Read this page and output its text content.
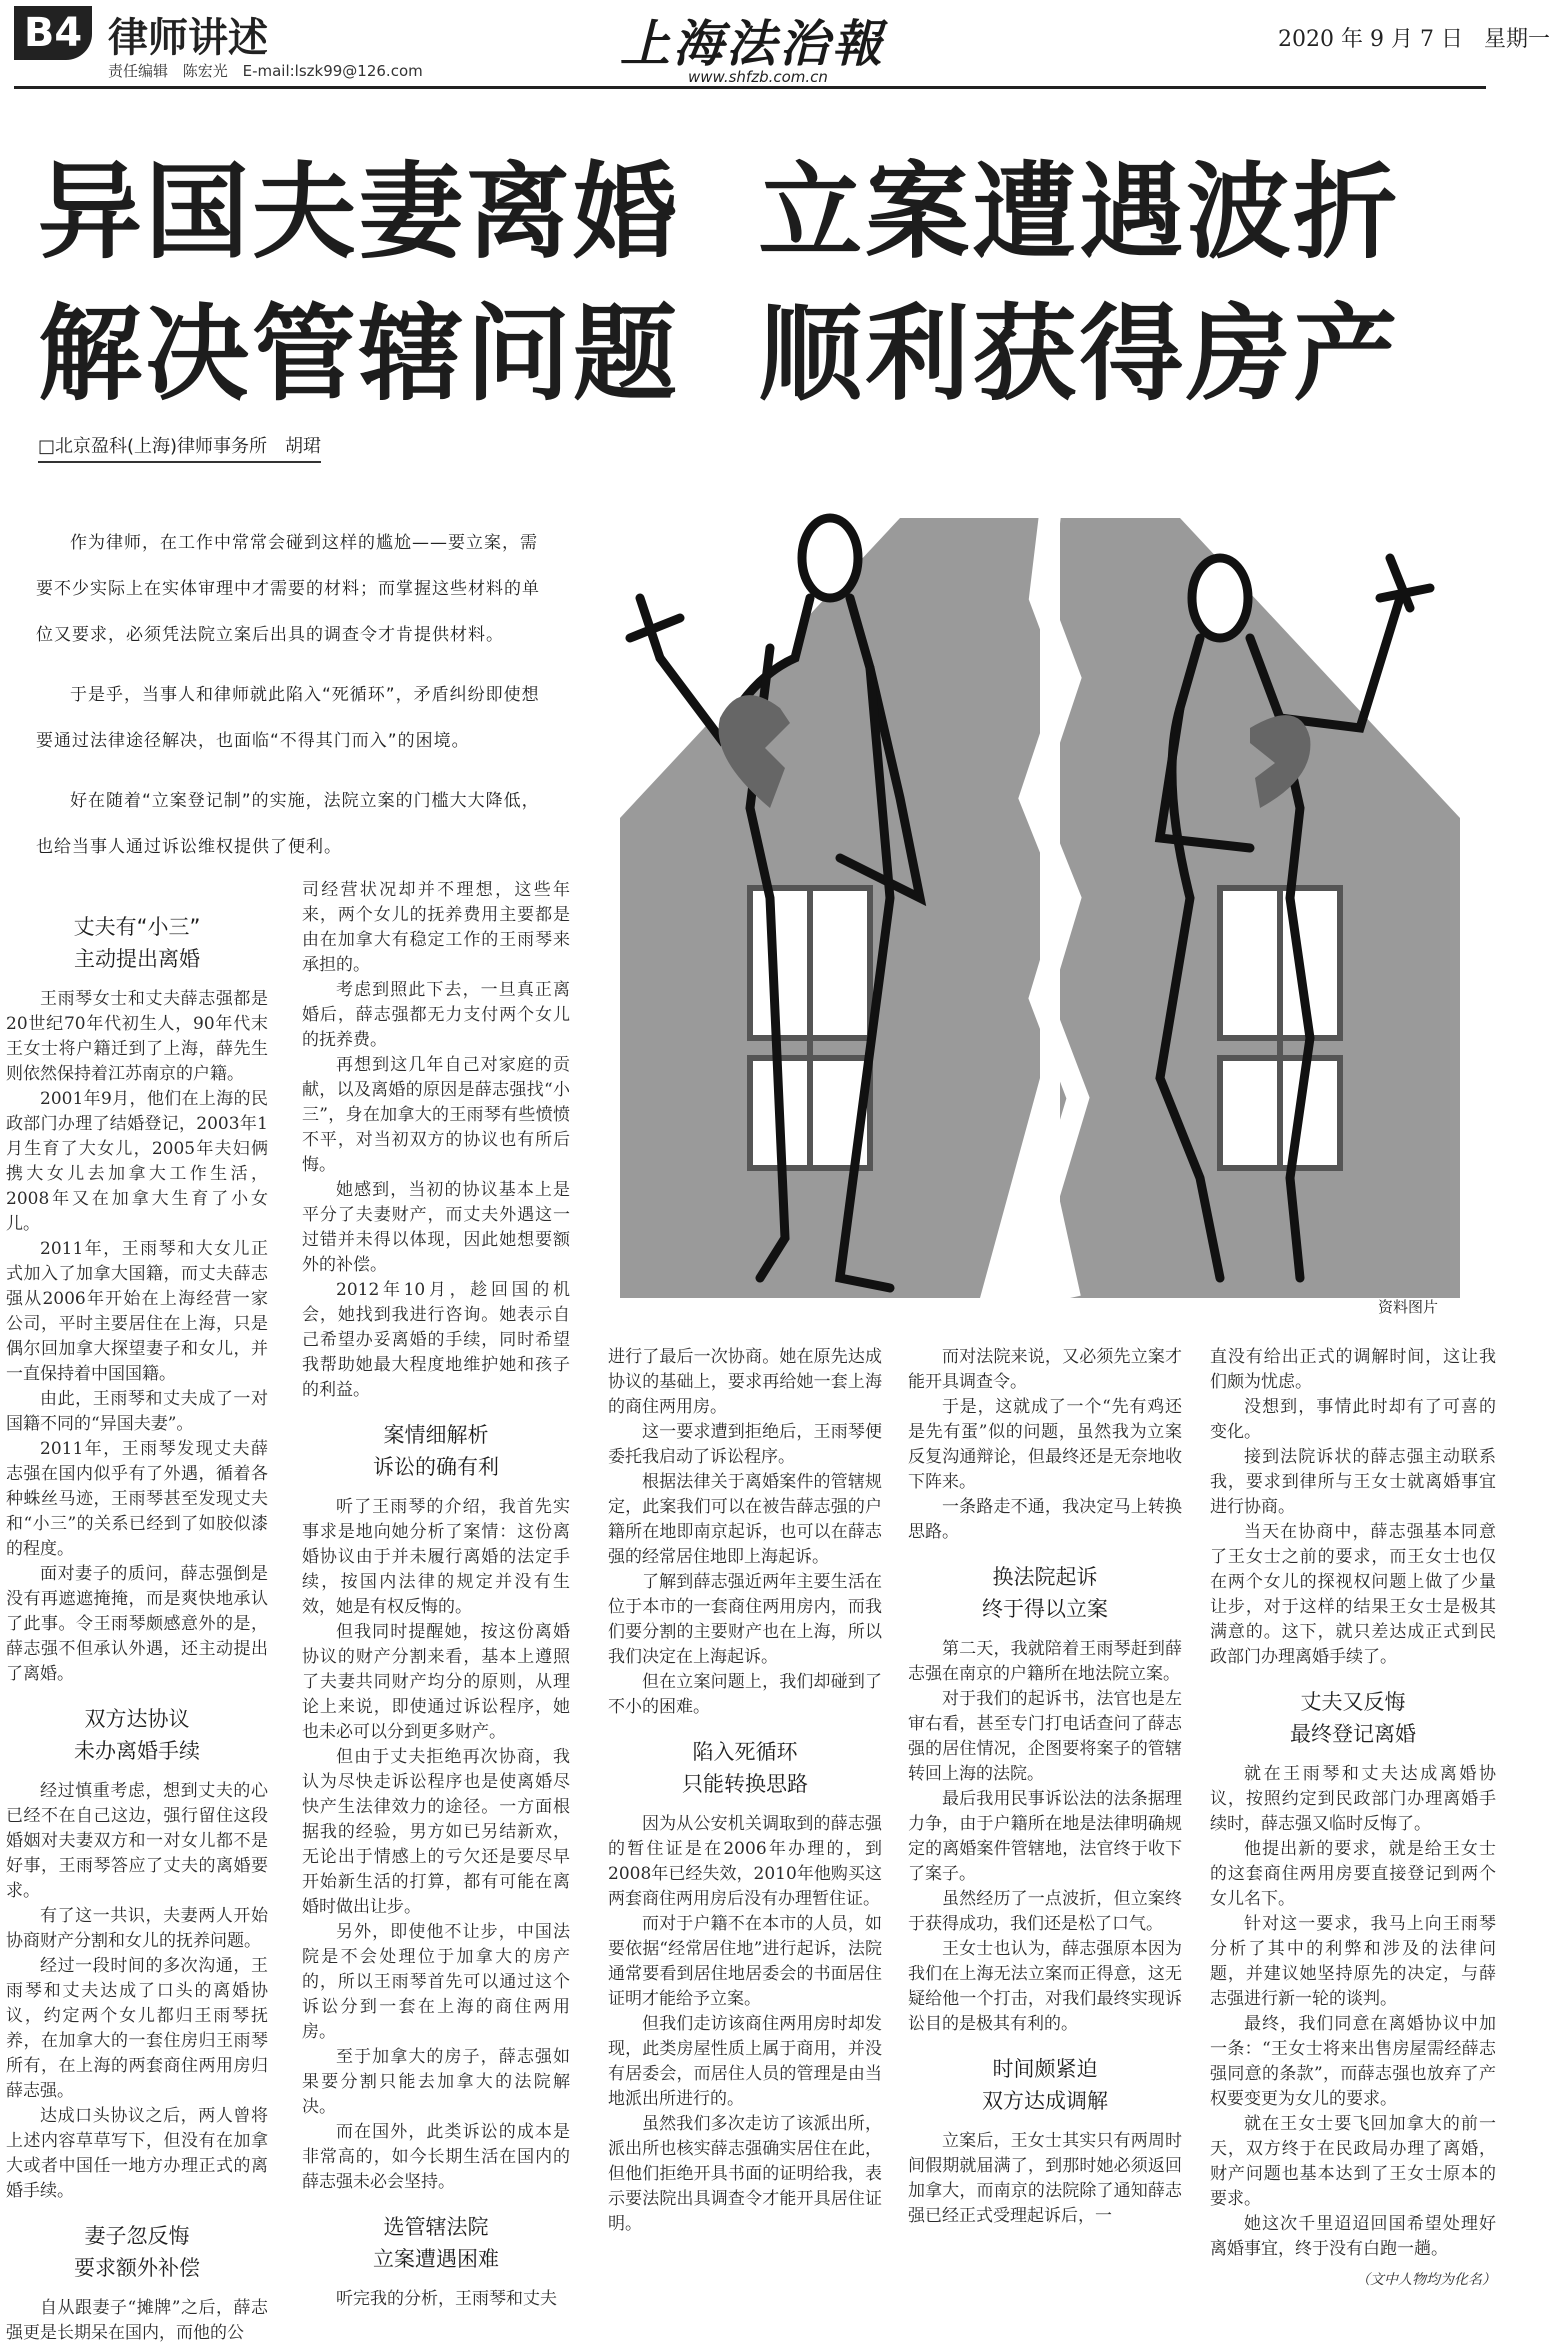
B4 律师讲述
责任编辑 陈宏光 E-mail:lszk99@126.com	上海法治報
www.shfzb.com.cn
2020 年 9 月 7 日 星期一
异国夫妻离婚  立案遭遇波折
解决管辖问题  顺利获得房产
□北京盈科(上海)律师事务所　胡珺

作为律师，在工作中常常会碰到这样的尴尬——要立案，需要不少实际上在实体审理中才需要的材料；而掌握这些材料的单位又要求，必须凭法院立案后出具的调查令才肯提供材料。

于是乎，当事人和律师就此陷入“死循环”，矛盾纠纷即使想要通过法律途径解决，也面临“不得其门而入”的困境。

好在随着“立案登记制”的实施，法院立案的门槛大大降低，也给当事人通过诉讼维权提供了便利。

资料图片
丈夫有“小三”
主动提出离婚

王雨琴女士和丈夫薛志强都是20世纪70年代初生人，90年代末王女士将户籍迁到了上海，薛先生则依然保持着江苏南京的户籍。

2001年9月，他们在上海的民政部门办理了结婚登记，2003年1月生育了大女儿，2005年夫妇俩携大女儿去加拿大工作生活，2008年又在加拿大生育了小女儿。

2011年，王雨琴和大女儿正式加入了加拿大国籍，而丈夫薛志强从2006年开始在上海经营一家公司，平时主要居住在上海，只是偶尔回加拿大探望妻子和女儿，并一直保持着中国国籍。

由此，王雨琴和丈夫成了一对国籍不同的“异国夫妻”。

2011年，王雨琴发现丈夫薛志强在国内似乎有了外遇，循着各种蛛丝马迹，王雨琴甚至发现丈夫和“小三”的关系已经到了如胶似漆的程度。

面对妻子的质问，薛志强倒是没有再遮遮掩掩，而是爽快地承认了此事。令王雨琴颇感意外的是，薛志强不但承认外遇，还主动提出了离婚。

双方达协议
未办离婚手续

经过慎重考虑，想到丈夫的心已经不在自己这边，强行留住这段婚姻对夫妻双方和一对女儿都不是好事，王雨琴答应了丈夫的离婚要求。

有了这一共识，夫妻两人开始协商财产分割和女儿的抚养问题。

经过一段时间的多次沟通，王雨琴和丈夫达成了口头的离婚协议，约定两个女儿都归王雨琴抚养，在加拿大的一套住房归王雨琴所有，在上海的两套商住两用房归薛志强。

达成口头协议之后，两人曾将上述内容草草写下，但没有在加拿大或者中国任一地方办理正式的离婚手续。

妻子忽反悔
要求额外补偿

自从跟妻子“摊牌”之后，薛志强更是长期呆在国内，而他的公

司经营状况却并不理想，这些年来，两个女儿的抚养费用主要都是由在加拿大有稳定工作的王雨琴来承担的。

考虑到照此下去，一旦真正离婚后，薛志强都无力支付两个女儿的抚养费。

再想到这几年自己对家庭的贡献，以及离婚的原因是薛志强找“小三”，身在加拿大的王雨琴有些愤愤不平，对当初双方的协议也有所后悔。

她感到，当初的协议基本上是平分了夫妻财产，而丈夫外遇这一过错并未得以体现，因此她想要额外的补偿。

2012年10月，趁回国的机会，她找到我进行咨询。她表示自己希望办妥离婚的手续，同时希望我帮助她最大程度地维护她和孩子的利益。

案情细解析
诉讼的确有利

听了王雨琴的介绍，我首先实事求是地向她分析了案情：这份离婚协议由于并未履行离婚的法定手续，按国内法律的规定并没有生效，她是有权反悔的。

但我同时提醒她，按这份离婚协议的财产分割来看，基本上遵照了夫妻共同财产均分的原则，从理论上来说，即使通过诉讼程序，她也未必可以分到更多财产。

但由于丈夫拒绝再次协商，我认为尽快走诉讼程序也是使离婚尽快产生法律效力的途径。一方面根据我的经验，男方如已另结新欢，无论出于情感上的亏欠还是要尽早开始新生活的打算，都有可能在离婚时做出让步。

另外，即使他不让步，中国法院是不会处理位于加拿大的房产的，所以王雨琴首先可以通过这个诉讼分到一套在上海的商住两用房。

至于加拿大的房子，薛志强如果要分割只能去加拿大的法院解决。

而在国外，此类诉讼的成本是非常高的，如今长期生活在国内的薛志强未必会坚持。

选管辖法院
立案遭遇困难

听完我的分析，王雨琴和丈夫

进行了最后一次协商。她在原先达成协议的基础上，要求再给她一套上海的商住两用房。

这一要求遭到拒绝后，王雨琴便委托我启动了诉讼程序。

根据法律关于离婚案件的管辖规定，此案我们可以在被告薛志强的户籍所在地即南京起诉，也可以在薛志强的经常居住地即上海起诉。

了解到薛志强近两年主要生活在位于本市的一套商住两用房内，而我们要分割的主要财产也在上海，所以我们决定在上海起诉。

但在立案问题上，我们却碰到了不小的困难。

陷入死循环
只能转换思路

因为从公安机关调取到的薛志强的暂住证是在2006年办理的，到2008年已经失效，2010年他购买这两套商住两用房后没有办理暂住证。

而对于户籍不在本市的人员，如要依据“经常居住地”进行起诉，法院通常要看到居住地居委会的书面居住证明才能给予立案。

但我们走访该商住两用房时却发现，此类房屋性质上属于商用，并没有居委会，而居住人员的管理是由当地派出所进行的。

虽然我们多次走访了该派出所，派出所也核实薛志强确实居住在此，但他们拒绝开具书面的证明给我，表示要法院出具调查令才能开具居住证明。

而对法院来说，又必须先立案才能开具调查令。

于是，这就成了一个“先有鸡还是先有蛋”似的问题，虽然我为立案反复沟通辩论，但最终还是无奈地收下阵来。

一条路走不通，我决定马上转换思路。

换法院起诉
终于得以立案

第二天，我就陪着王雨琴赶到薛志强在南京的户籍所在地法院立案。

对于我们的起诉书，法官也是左审右看，甚至专门打电话查问了薛志强的居住情况，企图要将案子的管辖转回上海的法院。

最后我用民事诉讼法的法条据理力争，由于户籍所在地是法律明确规定的离婚案件管辖地，法官终于收下了案子。

虽然经历了一点波折，但立案终于获得成功，我们还是松了口气。

王女士也认为，薛志强原本因为我们在上海无法立案而正得意，这无疑给他一个打击，对我们最终实现诉讼目的是极其有利的。

时间颇紧迫
双方达成调解

立案后，王女士其实只有两周时间假期就届满了，到那时她必须返回加拿大，而南京的法院除了通知薛志强已经正式受理起诉后，一

直没有给出正式的调解时间，这让我们颇为忧虑。

没想到，事情此时却有了可喜的变化。

接到法院诉状的薛志强主动联系我，要求到律所与王女士就离婚事宜进行协商。

当天在协商中，薛志强基本同意了王女士之前的要求，而王女士也仅在两个女儿的探视权问题上做了少量让步，对于这样的结果王女士是极其满意的。这下，就只差达成正式到民政部门办理离婚手续了。

丈夫又反悔
最终登记离婚

就在王雨琴和丈夫达成离婚协议，按照约定到民政部门办理离婚手续时，薛志强又临时反悔了。

他提出新的要求，就是给王女士的这套商住两用房要直接登记到两个女儿名下。

针对这一要求，我马上向王雨琴分析了其中的利弊和涉及的法律问题，并建议她坚持原先的决定，与薛志强进行新一轮的谈判。

最终，我们同意在离婚协议中加一条：“王女士将来出售房屋需经薛志强同意的条款”，而薛志强也放弃了产权要变更为女儿的要求。

就在王女士要飞回加拿大的前一天，双方终于在民政局办理了离婚，财产问题也基本达到了王女士原本的要求。

她这次千里迢迢回国希望处理好离婚事宜，终于没有白跑一趟。

（文中人物均为化名）
